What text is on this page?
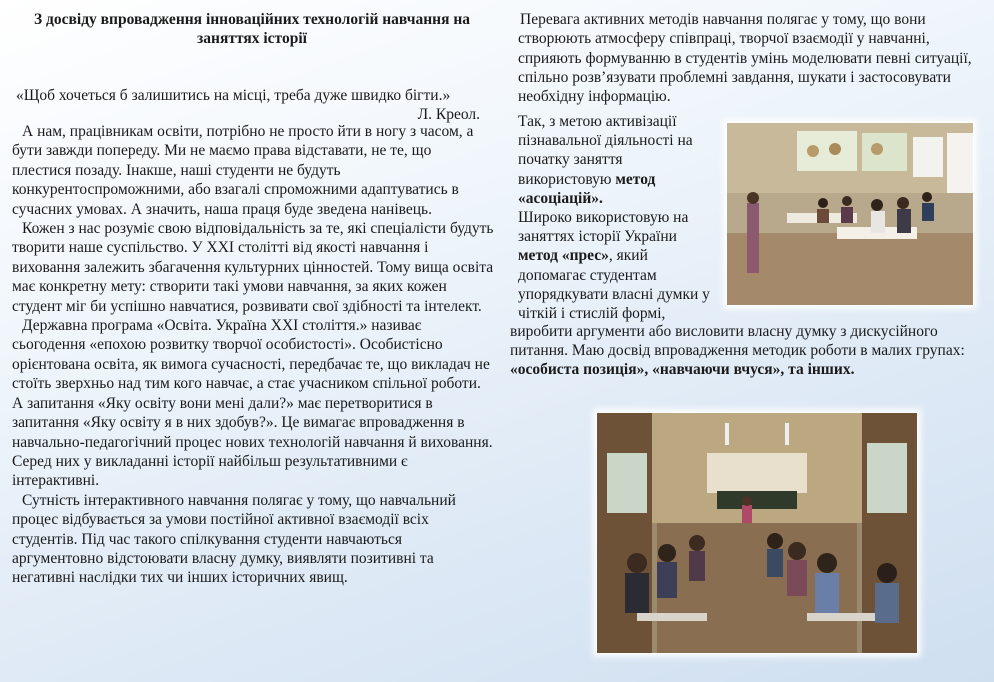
З досвіду впровадження інноваційних технологій навчання на заняттях історії
«Щоб хочеться б залишитись на місці, треба дуже швидко бігти.»
Л. Креол.

А нам, працівникам освіти, потрібно не просто йти в ногу з часом, а бути завжди попереду. Ми не маємо права відставати, не те, що плестися позаду. Інакше, наші студенти не будуть конкурентоспроможними, або взагалі спроможними адаптуватись в сучасних умовах. А значить, наша праця буде зведена нанівець.

Кожен з нас розуміє свою відповідальність за те, які спеціалісти будуть творити наше суспільство. У ХХІ столітті від якості навчання і виховання залежить збагачення культурних цінностей. Тому вища освіта має конкретну мету: створити такі умови навчання, за яких кожен студент міг би успішно навчатися, розвивати свої здібності та інтелект.

Державна програма «Освіта. Україна ХХІ століття.» називає сьогодення «епохою розвитку творчої особистості». Особистісно орієнтована освіта, як вимога сучасності, передбачає те, що викладач не стоїть зверхньо над тим кого навчає, а стає учасником спільної роботи. А запитання «Яку освіту вони мені дали?» має перетворитися в запитання «Яку освіту я в них здобув?». Це вимагає впровадження в навчально-педагогічний процес нових технологій навчання й виховання. Серед них у викладанні історії найбільш результативними є інтерактивні.

Сутність інтерактивного навчання полягає у тому, що навчальний процес відбувається за умови постійної активної взаємодії всіх студентів. Під час такого спілкування студенти навчаються аргументовно відстоювати власну думку, виявляти позитивні та негативні наслідки тих чи інших історичних явищ.

Перевага активних методів навчання полягає у тому, що вони створюють атмосферу співпраці, творчої взаємодії у навчанні, сприяють формуванню в студентів умінь моделювати певні ситуації, спільно розв’язувати проблемні завдання, шукати і застосовувати необхідну інформацію.

Так, з метою активізації пізнавальної діяльності на початку заняття використовую метод «асоціацій».

Широко використовую на заняттях історії України метод «прес», який допомагає студентам упорядкувати власні думки у чіткій і стислій формі,

виробити аргументи або висловити власну думку з дискусійного питання. Маю досвід впровадження методик роботи в малих групах: «особиста позиція», «навчаючи вчуся», та інших.
